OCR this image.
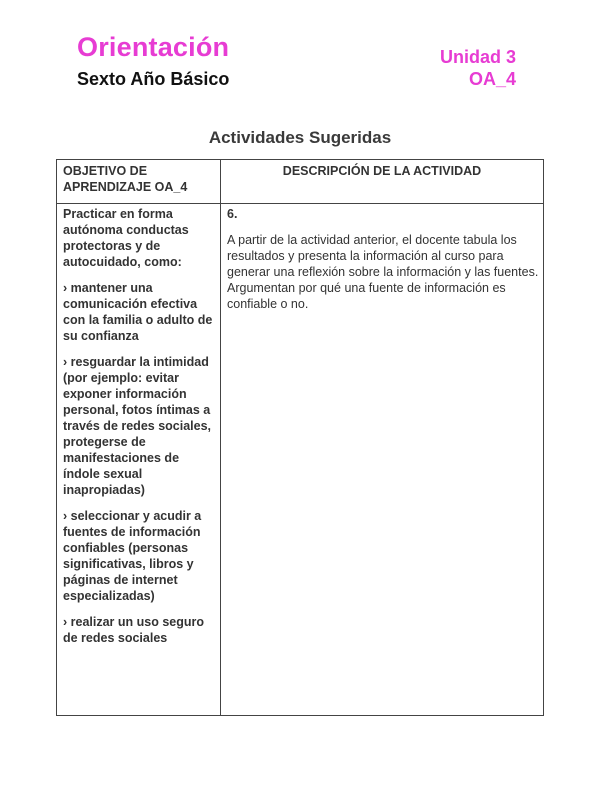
Orientación
Sexto Año Básico
Unidad 3
OA_4
Actividades Sugeridas
OBJETIVO DE APRENDIZAJE OA_4
DESCRIPCIÓN DE LA ACTIVIDAD

Practicar en forma autónoma conductas protectoras y de autocuidado, como:

› mantener una comunicación efectiva con la familia o adulto de su confianza

› resguardar la intimidad (por ejemplo: evitar exponer información personal, fotos íntimas a través de redes sociales, protegerse de manifestaciones de índole sexual inapropiadas)

› seleccionar y acudir a fuentes de información confiables (personas significativas, libros y páginas de internet especializadas)

› realizar un uso seguro de redes sociales

6.

A partir de la actividad anterior, el docente tabula los resultados y presenta la información al curso para generar una reflexión sobre la información y las fuentes. Argumentan por qué una fuente de información es confiable o no.
